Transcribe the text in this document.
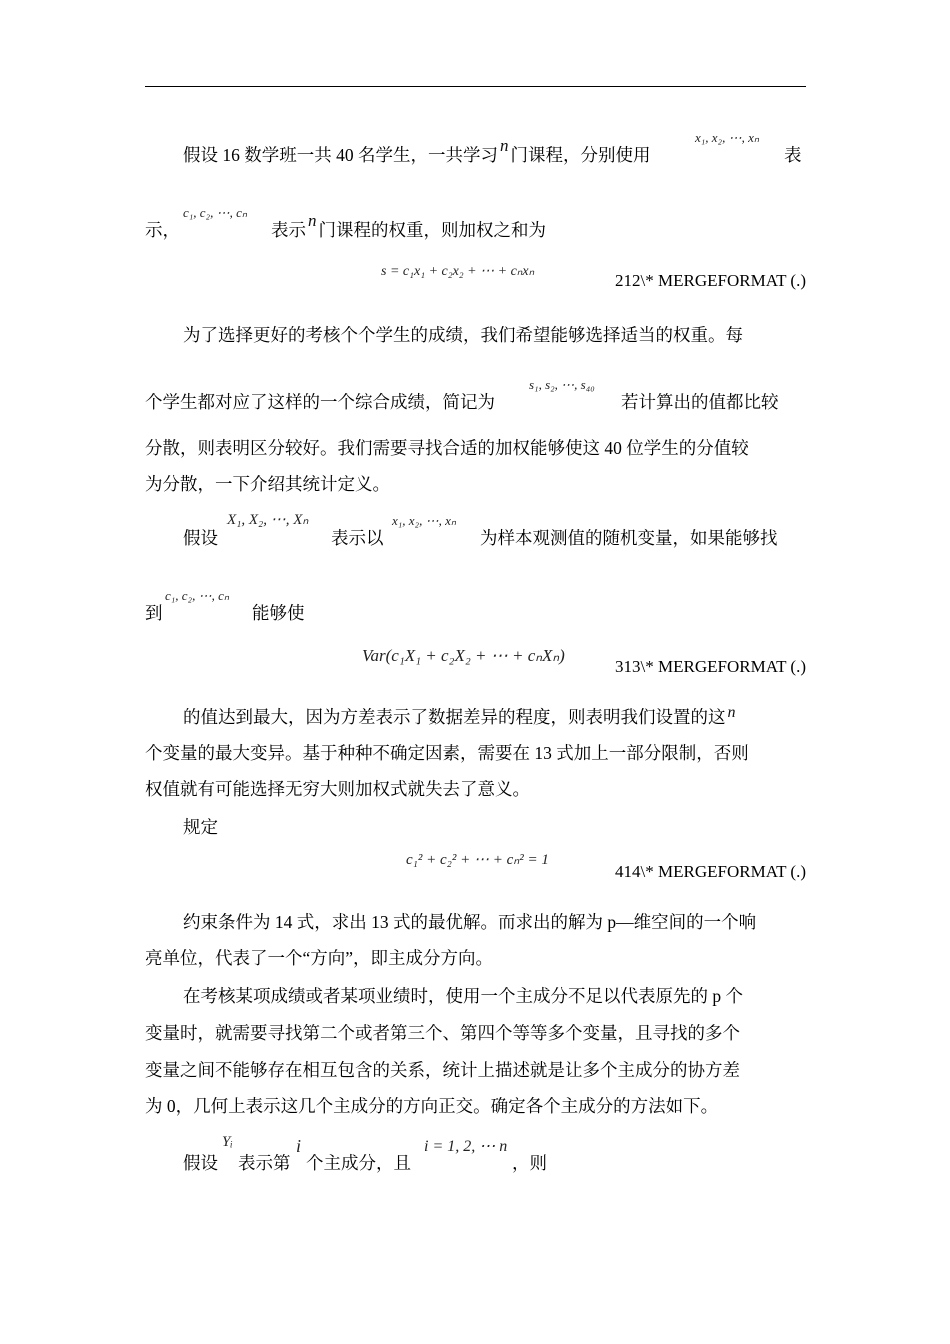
假设 16 数学班一共 40 名学生，一共学习 n 门课程，分别使用
x₁, x₂, ⋯, xₙ
表
示，
c₁, c₂, ⋯, cₙ
表示 n 门课程的权重，则加权之和为
s = c₁x₁ + c₂x₂ + ⋯ + cₙxₙ	212\* MERGEFORMAT (.)
为了选择更好的考核个个学生的成绩，我们希望能够选择适当的权重。每
个学生都对应了这样的一个综合成绩，简记为
s₁, s₂, ⋯, s₄₀
若计算出的值都比较
分散，则表明区分较好。我们需要寻找合适的加权能够使这 40 位学生的分值较
为分散，一下介绍其统计定义。
假设
X₁, X₂, ⋯, Xₙ
表示以
x₁, x₂, ⋯, xₙ
为样本观测值的随机变量，如果能够找
到
c₁, c₂, ⋯, cₙ
能够使
Var(c₁X₁ + c₂X₂ + ⋯ + cₙXₙ)
313\* MERGEFORMAT (.)
的值达到最大，因为方差表示了数据差异的程度，则表明我们设置的这 n
个变量的最大变异。基于种种不确定因素，需要在 13 式加上一部分限制，否则
权值就有可能选择无穷大则加权式就失去了意义。
规定
c₁² + c₂² + ⋯ + cₙ² = 1
414\* MERGEFORMAT (.)
约束条件为 14 式，求出 13 式的最优解。而求出的解为 p—维空间的一个响
亮单位，代表了一个“方向”，即主成分方向。
在考核某项成绩或者某项业绩时，使用一个主成分不足以代表原先的 p 个
变量时，就需要寻找第二个或者第三个、第四个等等多个变量，且寻找的多个
变量之间不能够存在相互包含的关系，统计上描述就是让多个主成分的协方差
为 0，几何上表示这几个主成分的方向正交。确定各个主成分的方法如下。
假设
Yᵢ
表示第
i
个主成分，且
i = 1, 2, ⋯ n
，则
